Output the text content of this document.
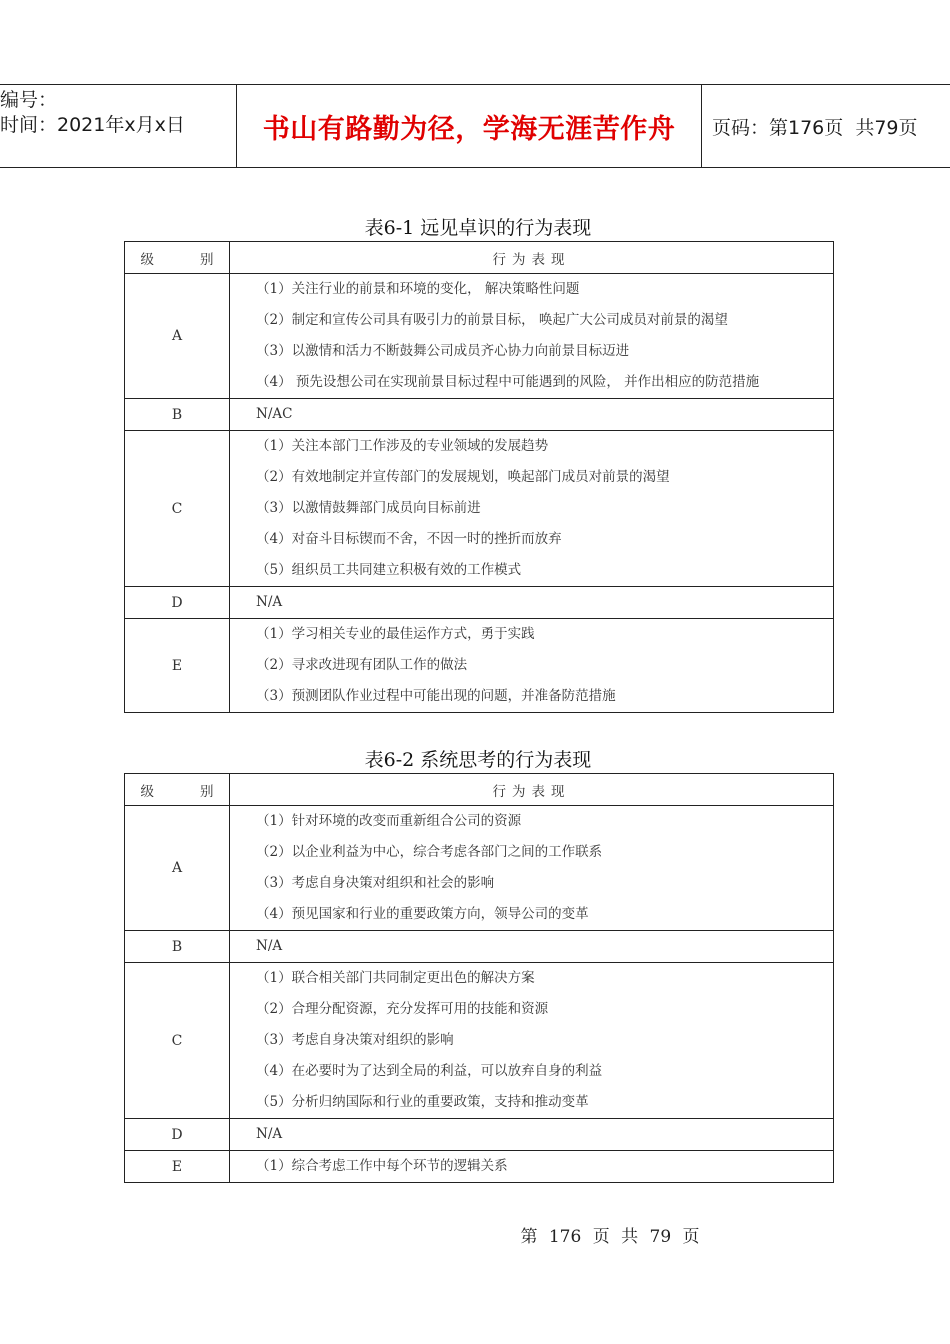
编号：
时间：2021年x月x日	书山有路勤为径，学海无涯苦作舟	页码：第176页  共79页
表6-1 远见卓识的行为表现
级 别	行为表现
A	（1）关注行业的前景和环境的变化， 解决策略性问题
（2）制定和宣传公司具有吸引力的前景目标， 唤起广大公司成员对前景的渴望
（3）以激情和活力不断鼓舞公司成员齐心协力向前景目标迈进
（4） 预先设想公司在实现前景目标过程中可能遇到的风险， 并作出相应的防范措施

B	N/AC
C	（1）关注本部门工作涉及的专业领域的发展趋势
（2）有效地制定并宣传部门的发展规划，唤起部门成员对前景的渴望
（3）以激情鼓舞部门成员向目标前进
（4）对奋斗目标锲而不舍，不因一时的挫折而放弃
（5）组织员工共同建立积极有效的工作模式

D	N/A
E	（1）学习相关专业的最佳运作方式，勇于实践
（2）寻求改进现有团队工作的做法
（3）预测团队作业过程中可能出现的问题，并准备防范措施
表6-2 系统思考的行为表现
级 别	行为表现
A	（1）针对环境的改变而重新组合公司的资源
（2）以企业利益为中心，综合考虑各部门之间的工作联系
（3）考虑自身决策对组织和社会的影响
（4）预见国家和行业的重要政策方向，领导公司的变革

B	N/A
C	（1）联合相关部门共同制定更出色的解决方案
（2）合理分配资源，充分发挥可用的技能和资源
（3）考虑自身决策对组织的影响
（4）在必要时为了达到全局的利益，可以放弃自身的利益
（5）分析归纳国际和行业的重要政策，支持和推动变革

D	N/A
E	（1）综合考虑工作中每个环节的逻辑关系
第 176 页 共 79 页
